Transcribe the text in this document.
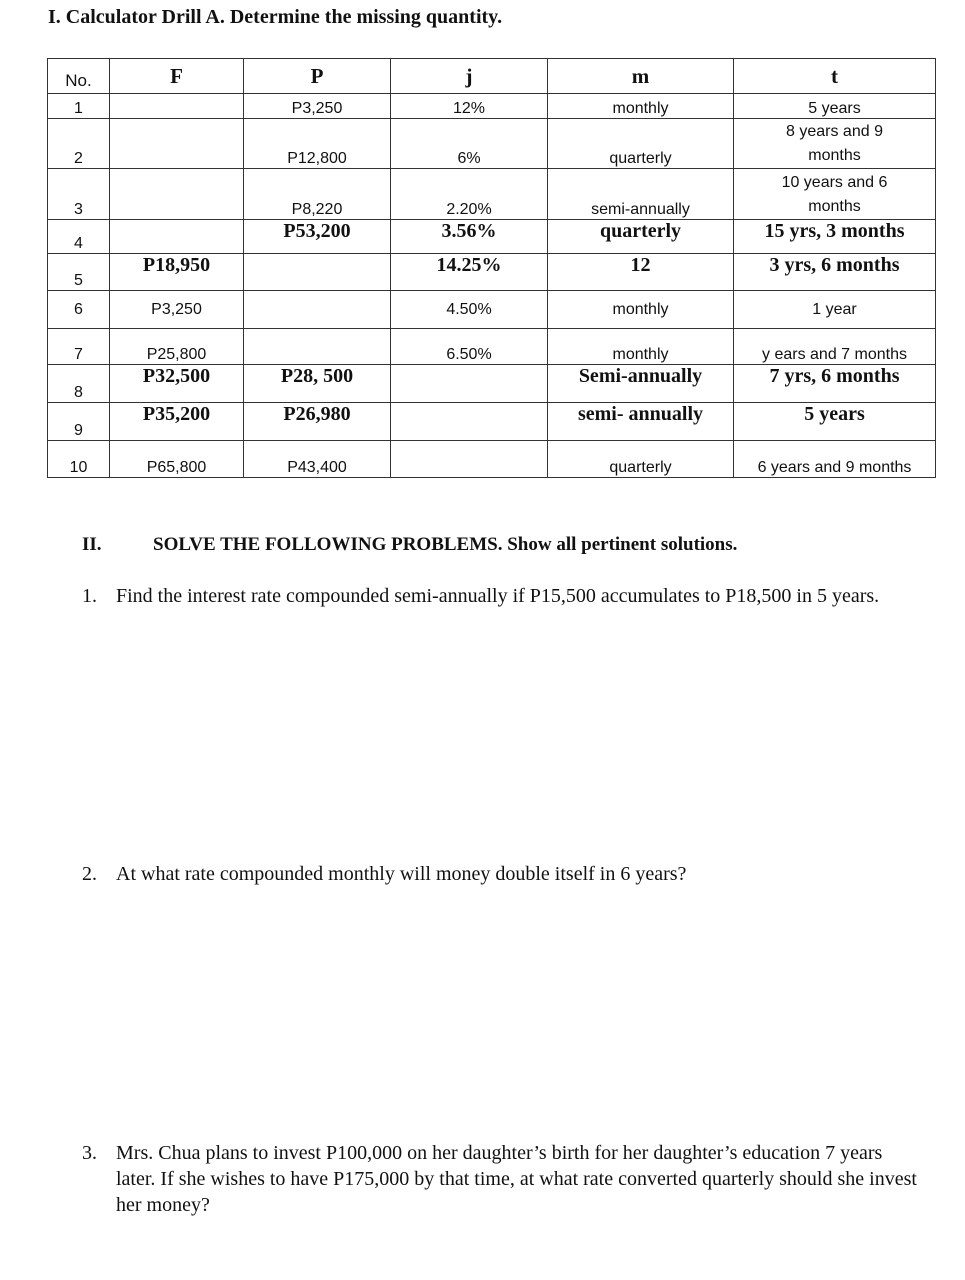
I. Calculator Drill A. Determine the missing quantity.
No.	F	P	j	m	t
1		P3,250	12%	monthly	5 years
2		P12,800	6%	quarterly	8 years and 9 months
3		P8,220	2.20%	semi-annually	10 years and 6 months
4		P53,200	3.56%	quarterly	15 yrs, 3 months
5	P18,950		14.25%	12	3 yrs, 6 months
6	P3,250		4.50%	monthly	1 year
7	P25,800		6.50%	monthly	y ears and 7 months
8	P32,500	P28, 500		Semi-annually	7 yrs, 6 months
9	P35,200	P26,980		semi- annually	5 years
10	P65,800	P43,400		quarterly	6 years and 9 months
II.	SOLVE THE FOLLOWING PROBLEMS. Show all pertinent solutions.
1. Find the interest rate compounded semi-annually if P15,500 accumulates to P18,500 in 5 years.
2. At what rate compounded monthly will money double itself in 6 years?
3. Mrs. Chua plans to invest P100,000 on her daughter’s birth for her daughter’s education 7 years later. If she wishes to have P175,000 by that time, at what rate converted quarterly should she invest her money?
